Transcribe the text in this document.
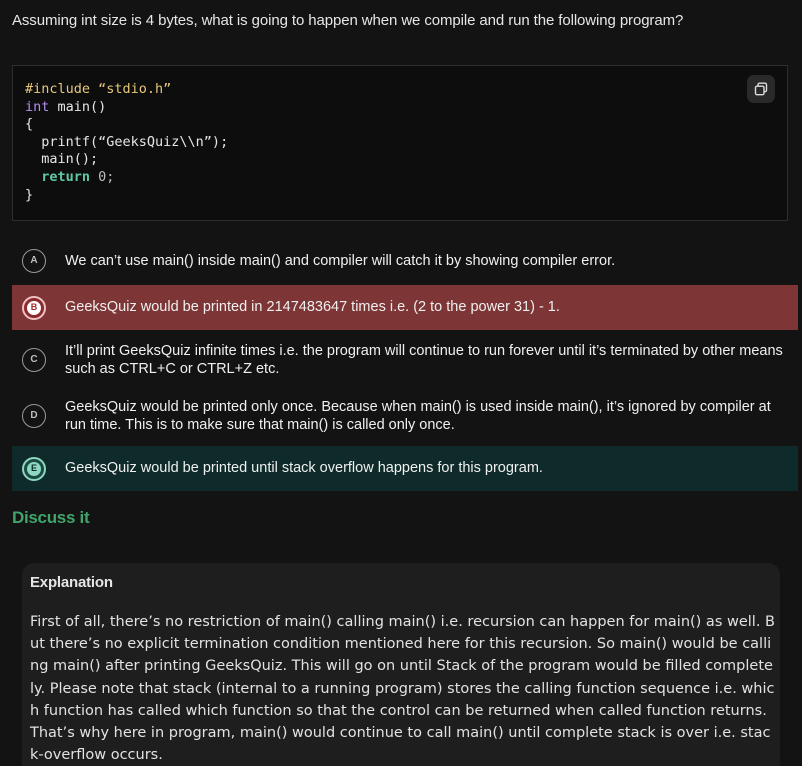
Assuming int size is 4 bytes, what is going to happen when we compile and run the following program?
#include “stdio.h”
int main()
{
printf(“GeeksQuiz\\n”);
main();
return 0;
}
A	We can’t use main() inside main() and compiler will catch it by showing compiler error.
B GeeksQuiz would be printed in 2147483647 times i.e. (2 to the power 31) - 1.
C
It’ll print GeeksQuiz infinite times i.e. the program will continue to run forever until it’s terminated by other means such as CTRL+C or CTRL+Z etc.
D
GeeksQuiz would be printed only once. Because when main() is used inside main(), it’s ignored by compiler at run time. This is to make sure that main() is called only once.
E GeeksQuiz would be printed until stack overflow happens for this program.
Discuss it
Explanation
First of all, there’s no restriction of main() calling main() i.e. recursion can happen for main() as well. But there’s no explicit termination condition mentioned here for this recursion. So main() would be calling main() after printing GeeksQuiz. This will go on until Stack of the program would be filled completely. Please note that stack (internal to a running program) stores the calling function sequence i.e. which function has called which function so that the control can be returned when called function returns. That’s why here in program, main() would continue to call main() until complete stack is over i.e. stack-overflow occurs.
